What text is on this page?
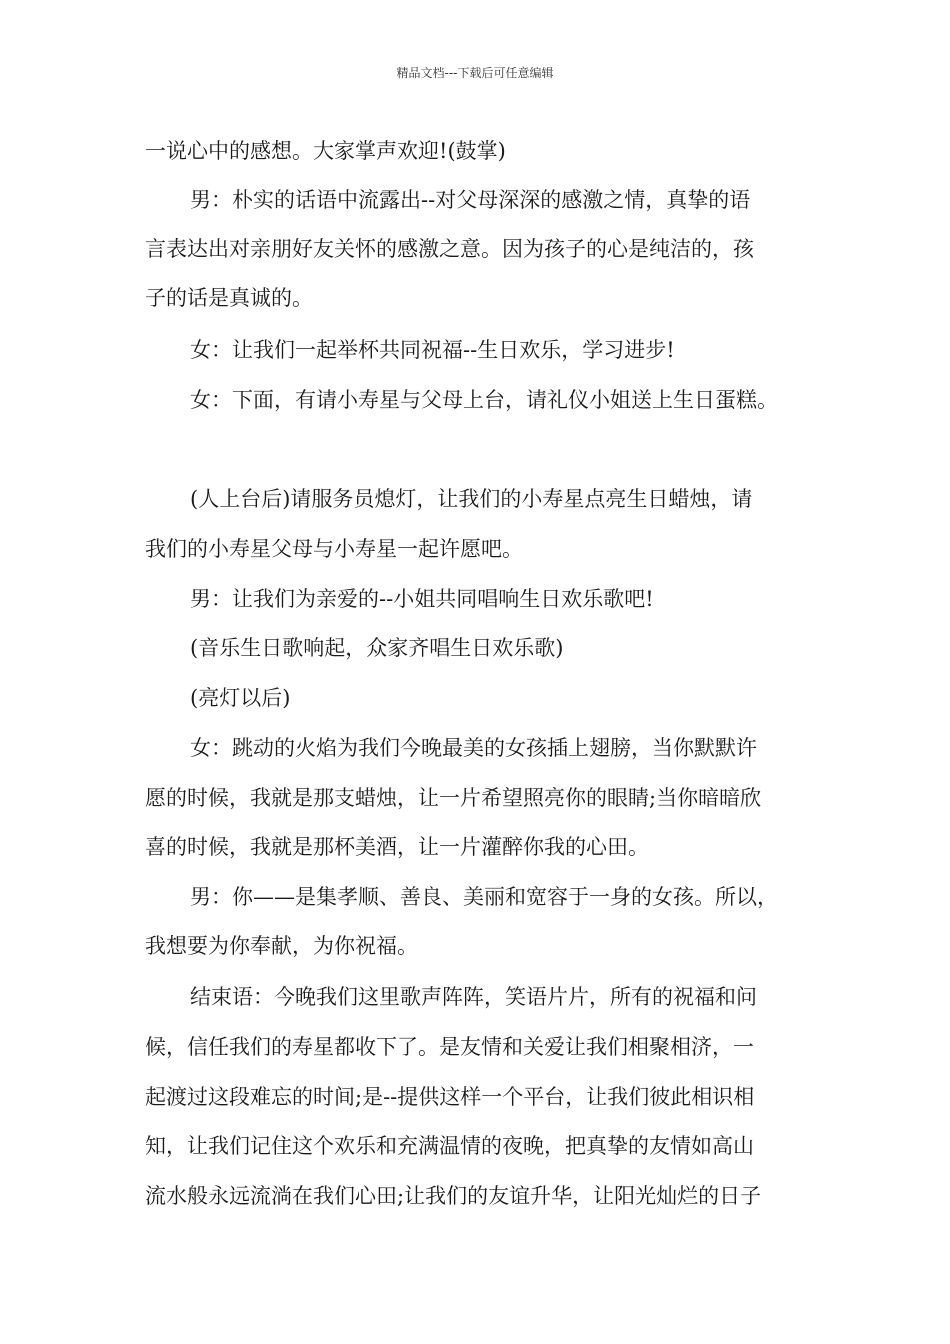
精品文档---下载后可任意编辑
一说心中的感想。大家掌声欢迎!(鼓掌)
男：朴实的话语中流露出--对父母深深的感激之情，真挚的语
言表达出对亲朋好友关怀的感激之意。因为孩子的心是纯洁的，孩
子的话是真诚的。
女：让我们一起举杯共同祝福--生日欢乐，学习进步!
女：下面，有请小寿星与父母上台，请礼仪小姐送上生日蛋糕。
(人上台后)请服务员熄灯，让我们的小寿星点亮生日蜡烛，请
我们的小寿星父母与小寿星一起许愿吧。
男：让我们为亲爱的--小姐共同唱响生日欢乐歌吧!
(音乐生日歌响起，众家齐唱生日欢乐歌)
(亮灯以后)
女：跳动的火焰为我们今晚最美的女孩插上翅膀，当你默默许
愿的时候，我就是那支蜡烛，让一片希望照亮你的眼睛;当你暗暗欣
喜的时候，我就是那杯美酒，让一片灌醉你我的心田。
男：你——是集孝顺、善良、美丽和宽容于一身的女孩。所以，
我想要为你奉献，为你祝福。
结束语：今晚我们这里歌声阵阵，笑语片片，所有的祝福和问
候，信任我们的寿星都收下了。是友情和关爱让我们相聚相济，一
起渡过这段难忘的时间;是--提供这样一个平台，让我们彼此相识相
知，让我们记住这个欢乐和充满温情的夜晚，把真挚的友情如高山
流水般永远流淌在我们心田;让我们的友谊升华，让阳光灿烂的日子
